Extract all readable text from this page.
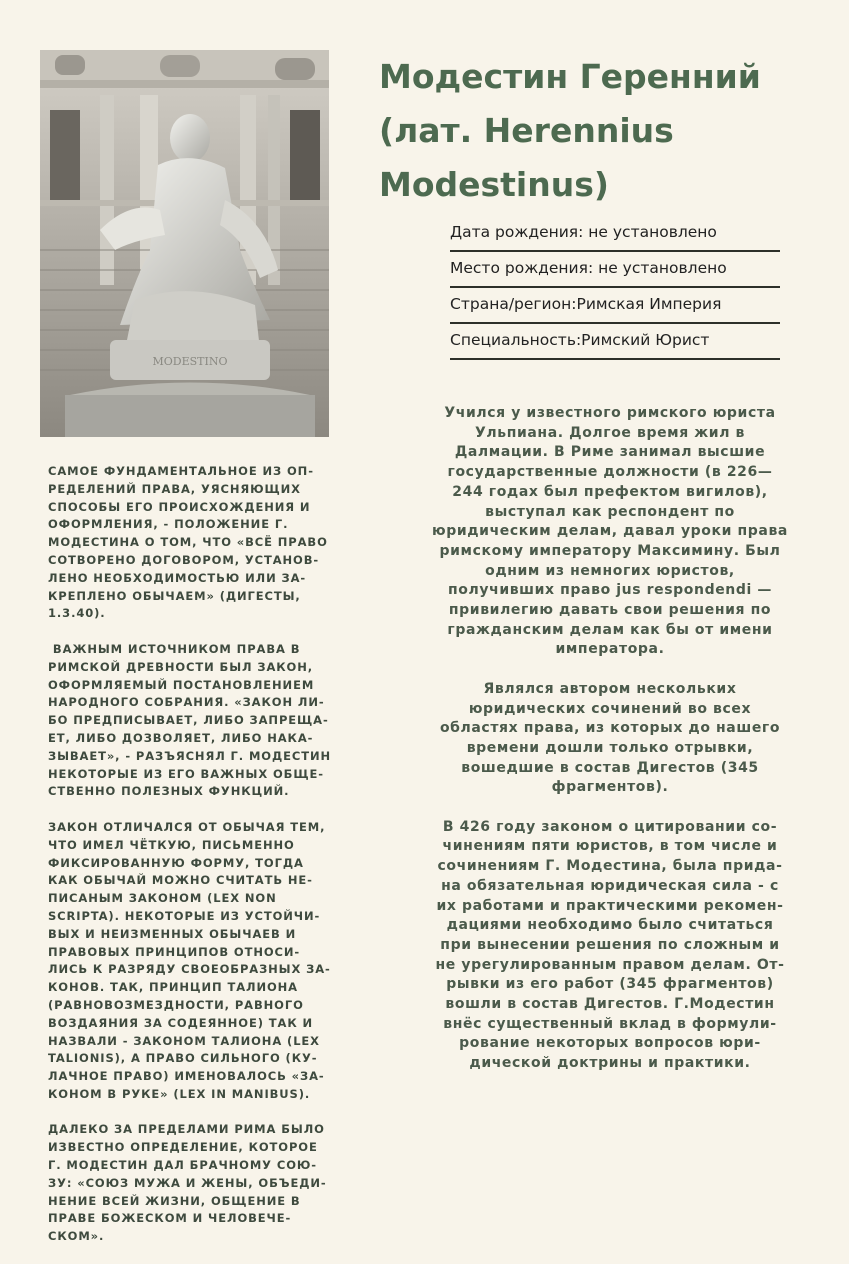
MODESTINO
Модестин Геренний
(лат. Herennius
Modestinus)
Дата рождения: не установлено
Место рождения: не установлено
Страна/регион:Римская Империя
Специальность:Римский Юрист

САМОЕ ФУНДАМЕНТАЛЬНОЕ ИЗ ОП-
РЕДЕЛЕНИЙ ПРАВА, УЯСНЯЮЩИХ
СПОСОБЫ ЕГО ПРОИСХОЖДЕНИЯ И
ОФОРМЛЕНИЯ, - ПОЛОЖЕНИЕ Г.
МОДЕСТИНА О ТОМ, ЧТО «ВСЁ ПРАВО
СОТВОРЕНО ДОГОВОРОМ, УСТАНОВ-
ЛЕНО НЕОБХОДИМОСТЬЮ ИЛИ ЗА-
КРЕПЛЕНО ОБЫЧАЕМ» (ДИГЕСТЫ,
1.3.40).

ВАЖНЫМ ИСТОЧНИКОМ ПРАВА В
РИМСКОЙ ДРЕВНОСТИ БЫЛ ЗАКОН,
ОФОРМЛЯЕМЫЙ ПОСТАНОВЛЕНИЕМ
НАРОДНОГО СОБРАНИЯ. «ЗАКОН ЛИ-
БО ПРЕДПИСЫВАЕТ, ЛИБО ЗАПРЕЩА-
ЕТ, ЛИБО ДОЗВОЛЯЕТ, ЛИБО НАКА-
ЗЫВАЕТ», - РАЗЪЯСНЯЛ Г. МОДЕСТИН
НЕКОТОРЫЕ ИЗ ЕГО ВАЖНЫХ ОБЩЕ-
СТВЕННО ПОЛЕЗНЫХ ФУНКЦИЙ.

ЗАКОН ОТЛИЧАЛСЯ ОТ ОБЫЧАЯ ТЕМ,
ЧТО ИМЕЛ ЧЁТКУЮ, ПИСЬМЕННО
ФИКСИРОВАННУЮ ФОРМУ, ТОГДА
КАК ОБЫЧАЙ МОЖНО СЧИТАТЬ НЕ-
ПИСАНЫМ ЗАКОНОМ (LEX NON
SCRIPTA). НЕКОТОРЫЕ ИЗ УСТОЙЧИ-
ВЫХ И НЕИЗМЕННЫХ ОБЫЧАЕВ И
ПРАВОВЫХ ПРИНЦИПОВ ОТНОСИ-
ЛИСЬ К РАЗРЯДУ СВОЕОБРАЗНЫХ ЗА-
КОНОВ. ТАК, ПРИНЦИП ТАЛИОНА
(РАВНОВОЗМЕЗДНОСТИ, РАВНОГО
ВОЗДАЯНИЯ ЗА СОДЕЯННОЕ) ТАК И
НАЗВАЛИ - ЗАКОНОМ ТАЛИОНА (LEX
TALIONIS), А ПРАВО СИЛЬНОГО (КУ-
ЛАЧНОЕ ПРАВО) ИМЕНОВАЛОСЬ «ЗА-
КОНОМ В РУКЕ» (LEX IN MANIBUS).

ДАЛЕКО ЗА ПРЕДЕЛАМИ РИМА БЫЛО
ИЗВЕСТНО ОПРЕДЕЛЕНИЕ, КОТОРОЕ
Г. МОДЕСТИН ДАЛ БРАЧНОМУ СОЮ-
ЗУ: «СОЮЗ МУЖА И ЖЕНЫ, ОБЪЕДИ-
НЕНИЕ ВСЕЙ ЖИЗНИ, ОБЩЕНИЕ В
ПРАВЕ БОЖЕСКОМ И ЧЕЛОВЕЧЕ-
СКОМ».

Учился у известного римского юриста
Ульпиана. Долгое время жил в
Далмации. В Риме занимал высшие
государственные должности (в 226—
244 годах был префектом вигилов),
выступал как респондент по
юридическим делам, давал уроки права
римскому императору Максимину. Был
одним из немногих юристов,
получивших право jus respondendi —
привилегию давать свои решения по
гражданским делам как бы от имени
императора.

Являлся автором нескольких
юридических сочинений во всех
областях права, из которых до нашего
времени дошли только отрывки,
вошедшие в состав Дигестов (345
фрагментов).

В 426 году законом о цитировании со-
чинениям пяти юристов, в том числе и
сочинениям Г. Модестина, была прида-
на обязательная юридическая сила - с
их работами и практическими рекомен-
дациями необходимо было считаться
при вынесении решения по сложным и
не урегулированным правом делам. От-
рывки из его работ (345 фрагментов)
вошли в состав Дигестов. Г.Модестин
внёс существенный вклад в формули-
рование некоторых вопросов юри-
дической доктрины и практики.
